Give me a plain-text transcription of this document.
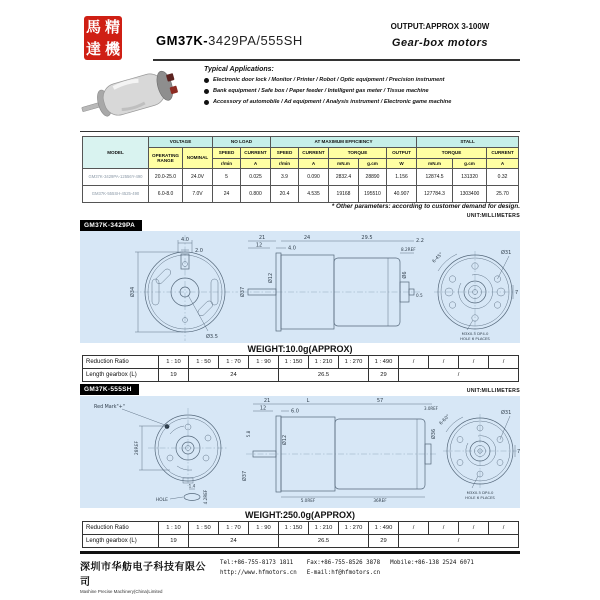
馬 精
達 機	GM37K-3429PA/555SH
OUTPUT:APPROX 3-100W
Gear-box motors
Typical Applications:
Electronic door lock / Monitor / Printer / Robot / Optic equipment / Precision instrument
Bank equipment / Safe box / Paper feeder / Intelligent gas meter / Tissue machine
Accessory of automobile / Ad equipment / Analysis instrument / Electronic game machine
MODEL	VOLTAGE		NO LOAD		AT MAXIMUM EFFICIENCY					STALL		
	OPERATING RANGE	NOMINAL	SPEED	CURRENT	SPEED	CURRENT	TORQUE		OUTPUT	TORQUE		CURRENT
			r/min	A	r/min	A	mN.m	g.cm	W	mN.m	g.cm	A
GM37K-3429PA-12556Y-490	20.0-25.0	24.0V	5	0.025	3.9	0.090	2832.4	28890	1.156	12874.5	131320	0.32
GM37K-555SH-4525-490	6.0-8.0	7.0V	24	0.800	20.4	4.535	19168	195510	40.907	127784.3	1303400	25.70
* Other parameters: according to customer demand for design.
UNIT:MILLIMETERS
GM37K-3429PA
4.0
2.0
Ø34
Ø3.5
21	24	29.5	2.2
12	4.0	8.2REF
0.5
Ø12
Ø37
Ø6
6-45°	Ø31
7
M3X0.5 DP4.0
HOLE 6 PLACES
WEIGHT:10.0g(APPROX)
Reduction Ratio	1 : 10	1 : 50	1 : 70	1 : 90	1 : 150	1 : 210	1 : 270	1 : 490	/	/	/	/
Length gearbox (L)	19	24			26.5			29	/			
GM37K-555SH	UNIT:MILLIMETERS
Red Mark"+"
28REF
1.4
4.2REF
HOLE
21	L	57
3.0REF
12	6.0
5.8
Ø12
Ø37
5.0REF	36REF
Ø36
6-60°
Ø31
7
M3X0.5 DP4.0
HOLE 6 PLACES
WEIGHT:250.0g(APPROX)
Reduction Ratio	1 : 10	1 : 50	1 : 70	1 : 90	1 : 150	1 : 210	1 : 270	1 : 490	/	/	/	/
Length gearbox (L)	19	24			26.5			29	/			
深圳市华舫电子科技有限公司
Mashine Precise Machinery(China)Limited
Tel:+86-755-8173 1811
http://www.hfmotors.cn
Fax:+86-755-8526 3878
E-mail:hf@hfmotors.cn
Mobile:+86-138 2524 6071
